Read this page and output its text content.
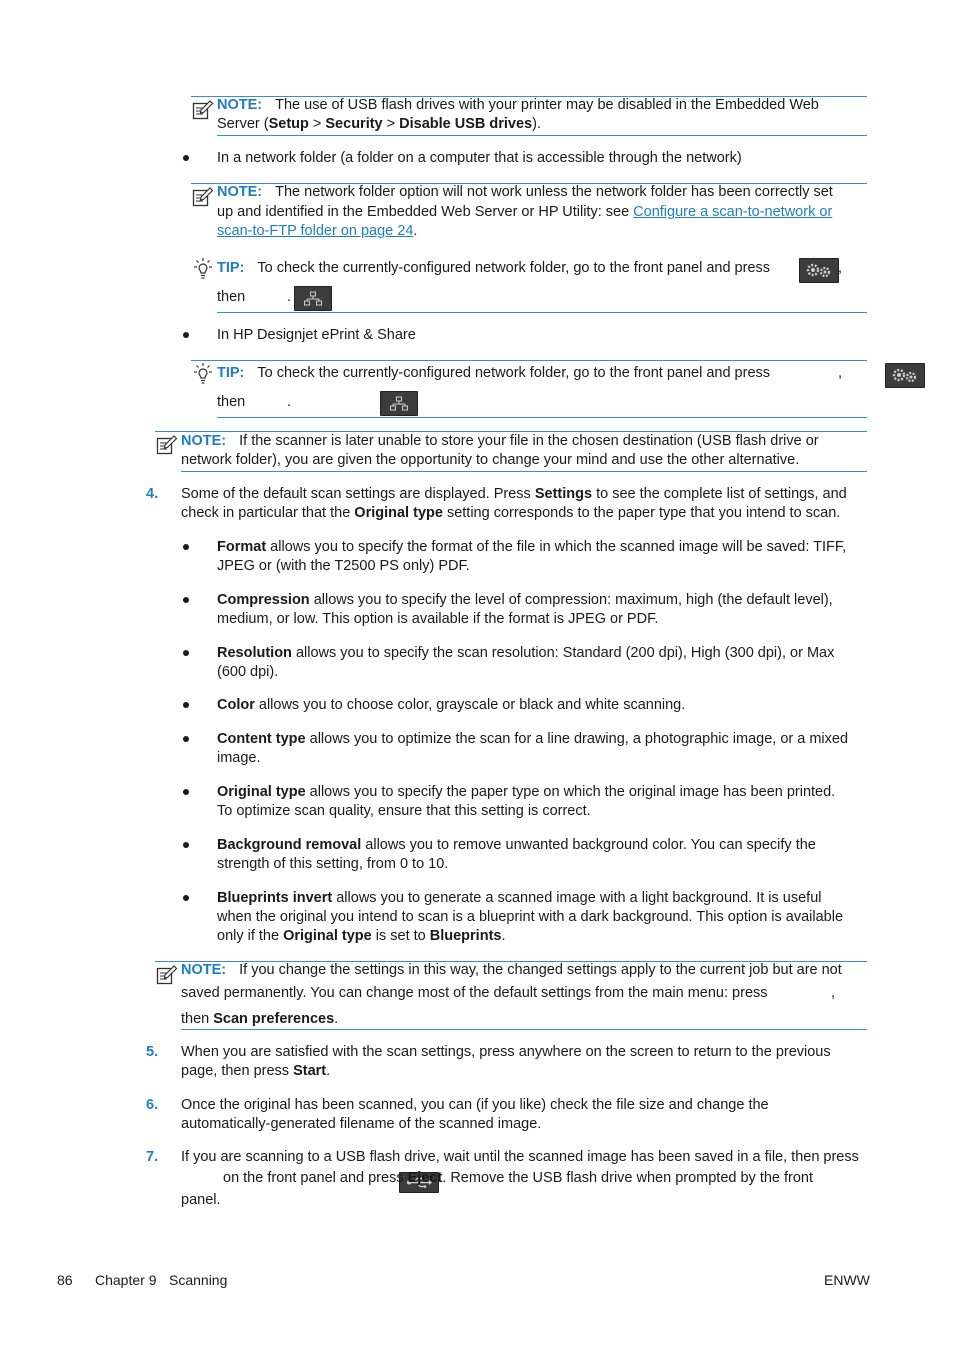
NOTE: The use of USB flash drives with your printer may be disabled in the Embedded Web
Server (Setup > Security > Disable USB drives).
In a network folder (a folder on a computer that is accessible through the network)
NOTE: The network folder option will not work unless the network folder has been correctly set
up and identified in the Embedded Web Server or HP Utility: see Configure a scan-to-network or
scan-to-FTP folder on page 24.
TIP: To check the currently-configured network folder, go to the front panel and press
	,
then
	.
In HP Designjet ePrint & Share
TIP: To check the currently-configured network folder, go to the front panel and press
	,
then
	.
NOTE: If the scanner is later unable to store your file in the chosen destination (USB flash drive or
network folder), you are given the opportunity to change your mind and use the other alternative.
4. Some of the default scan settings are displayed. Press Settings to see the complete list of settings, and
check in particular that the Original type setting corresponds to the paper type that you intend to scan.
Format allows you to specify the format of the file in which the scanned image will be saved: TIFF,
JPEG or (with the T2500 PS only) PDF.
Compression allows you to specify the level of compression: maximum, high (the default level),
medium, or low. This option is available if the format is JPEG or PDF.
Resolution allows you to specify the scan resolution: Standard (200 dpi), High (300 dpi), or Max
(600 dpi).
Color allows you to choose color, grayscale or black and white scanning.
Content type allows you to optimize the scan for a line drawing, a photographic image, or a mixed
image.
Original type allows you to specify the paper type on which the original image has been printed.
To optimize scan quality, ensure that this setting is correct.
Background removal allows you to remove unwanted background color. You can specify the
strength of this setting, from 0 to 10.
Blueprints invert allows you to generate a scanned image with a light background. It is useful
when the original you intend to scan is a blueprint with a dark background. This option is available
only if the Original type is set to Blueprints.
NOTE: If you change the settings in this way, the changed settings apply to the current job but are not
saved permanently. You can change most of the default settings from the main menu: press
	,
then Scan preferences.
5. When you are satisfied with the scan settings, press anywhere on the screen to return to the previous
page, then press Start.
6. Once the original has been scanned, you can (if you like) check the file size and change the
automatically-generated filename of the scanned image.
7. If you are scanning to a USB flash drive, wait until the scanned image has been saved in a file, then press
on the front panel and press Eject. Remove the USB flash drive when prompted by the front
panel.
86 Chapter 9 Scanning	ENWW
